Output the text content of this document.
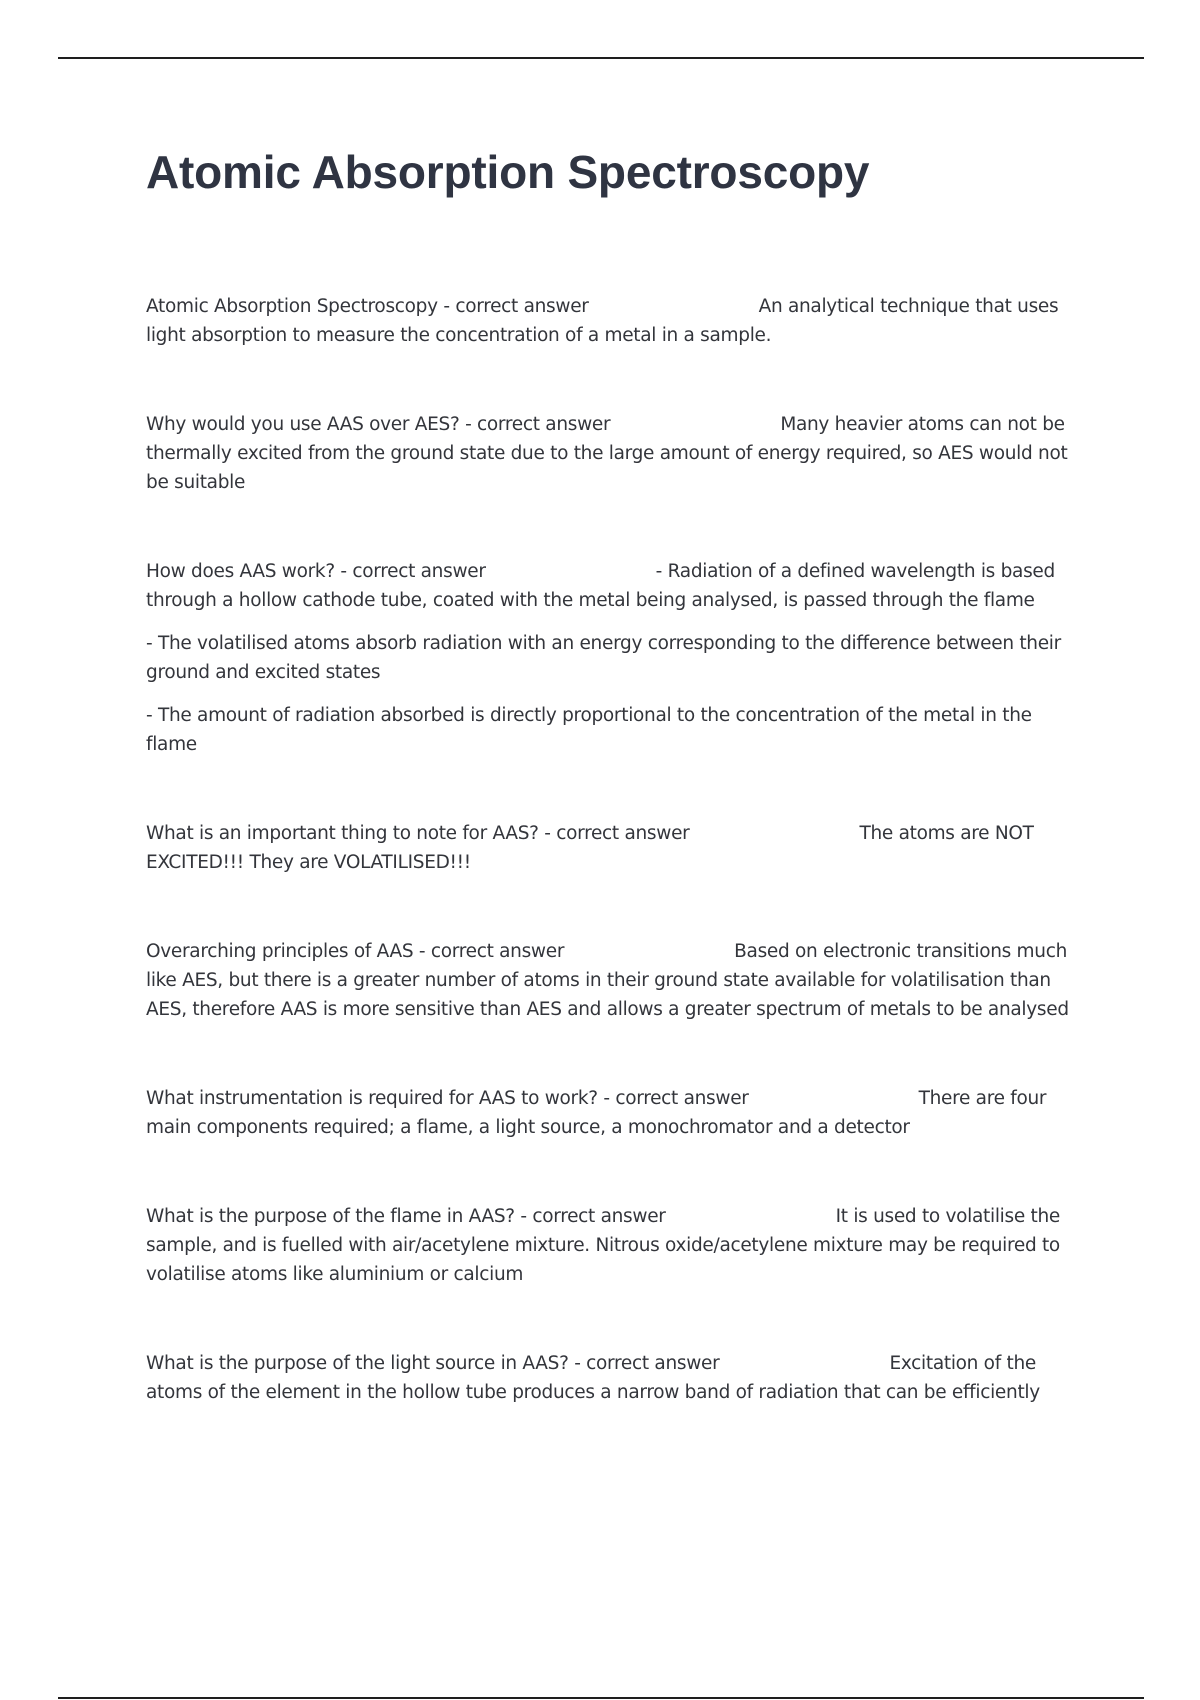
Atomic Absorption Spectroscopy

Atomic Absorption Spectroscopy - correct answer	An analytical technique that uses light absorption to measure the concentration of a metal in a sample.

Why would you use AAS over AES? - correct answer	Many heavier atoms can not be thermally excited from the ground state due to the large amount of energy required, so AES would not be suitable

How does AAS work? - correct answer	- Radiation of a defined wavelength is based through a hollow cathode tube, coated with the metal being analysed, is passed through the flame

- The volatilised atoms absorb radiation with an energy corresponding to the difference between their ground and excited states

- The amount of radiation absorbed is directly proportional to the concentration of the metal in the flame

What is an important thing to note for AAS? - correct answer	The atoms are NOT EXCITED!!! They are VOLATILISED!!!

Overarching principles of AAS - correct answer	Based on electronic transitions much like AES, but there is a greater number of atoms in their ground state available for volatilisation than AES, therefore AAS is more sensitive than AES and allows a greater spectrum of metals to be analysed

What instrumentation is required for AAS to work? - correct answer	There are four main components required; a flame, a light source, a monochromator and a detector

What is the purpose of the flame in AAS? - correct answer	It is used to volatilise the sample, and is fuelled with air/acetylene mixture. Nitrous oxide/acetylene mixture may be required to volatilise atoms like aluminium or calcium

What is the purpose of the light source in AAS? - correct answer	Excitation of the atoms of the element in the hollow tube produces a narrow band of radiation that can be efficiently
